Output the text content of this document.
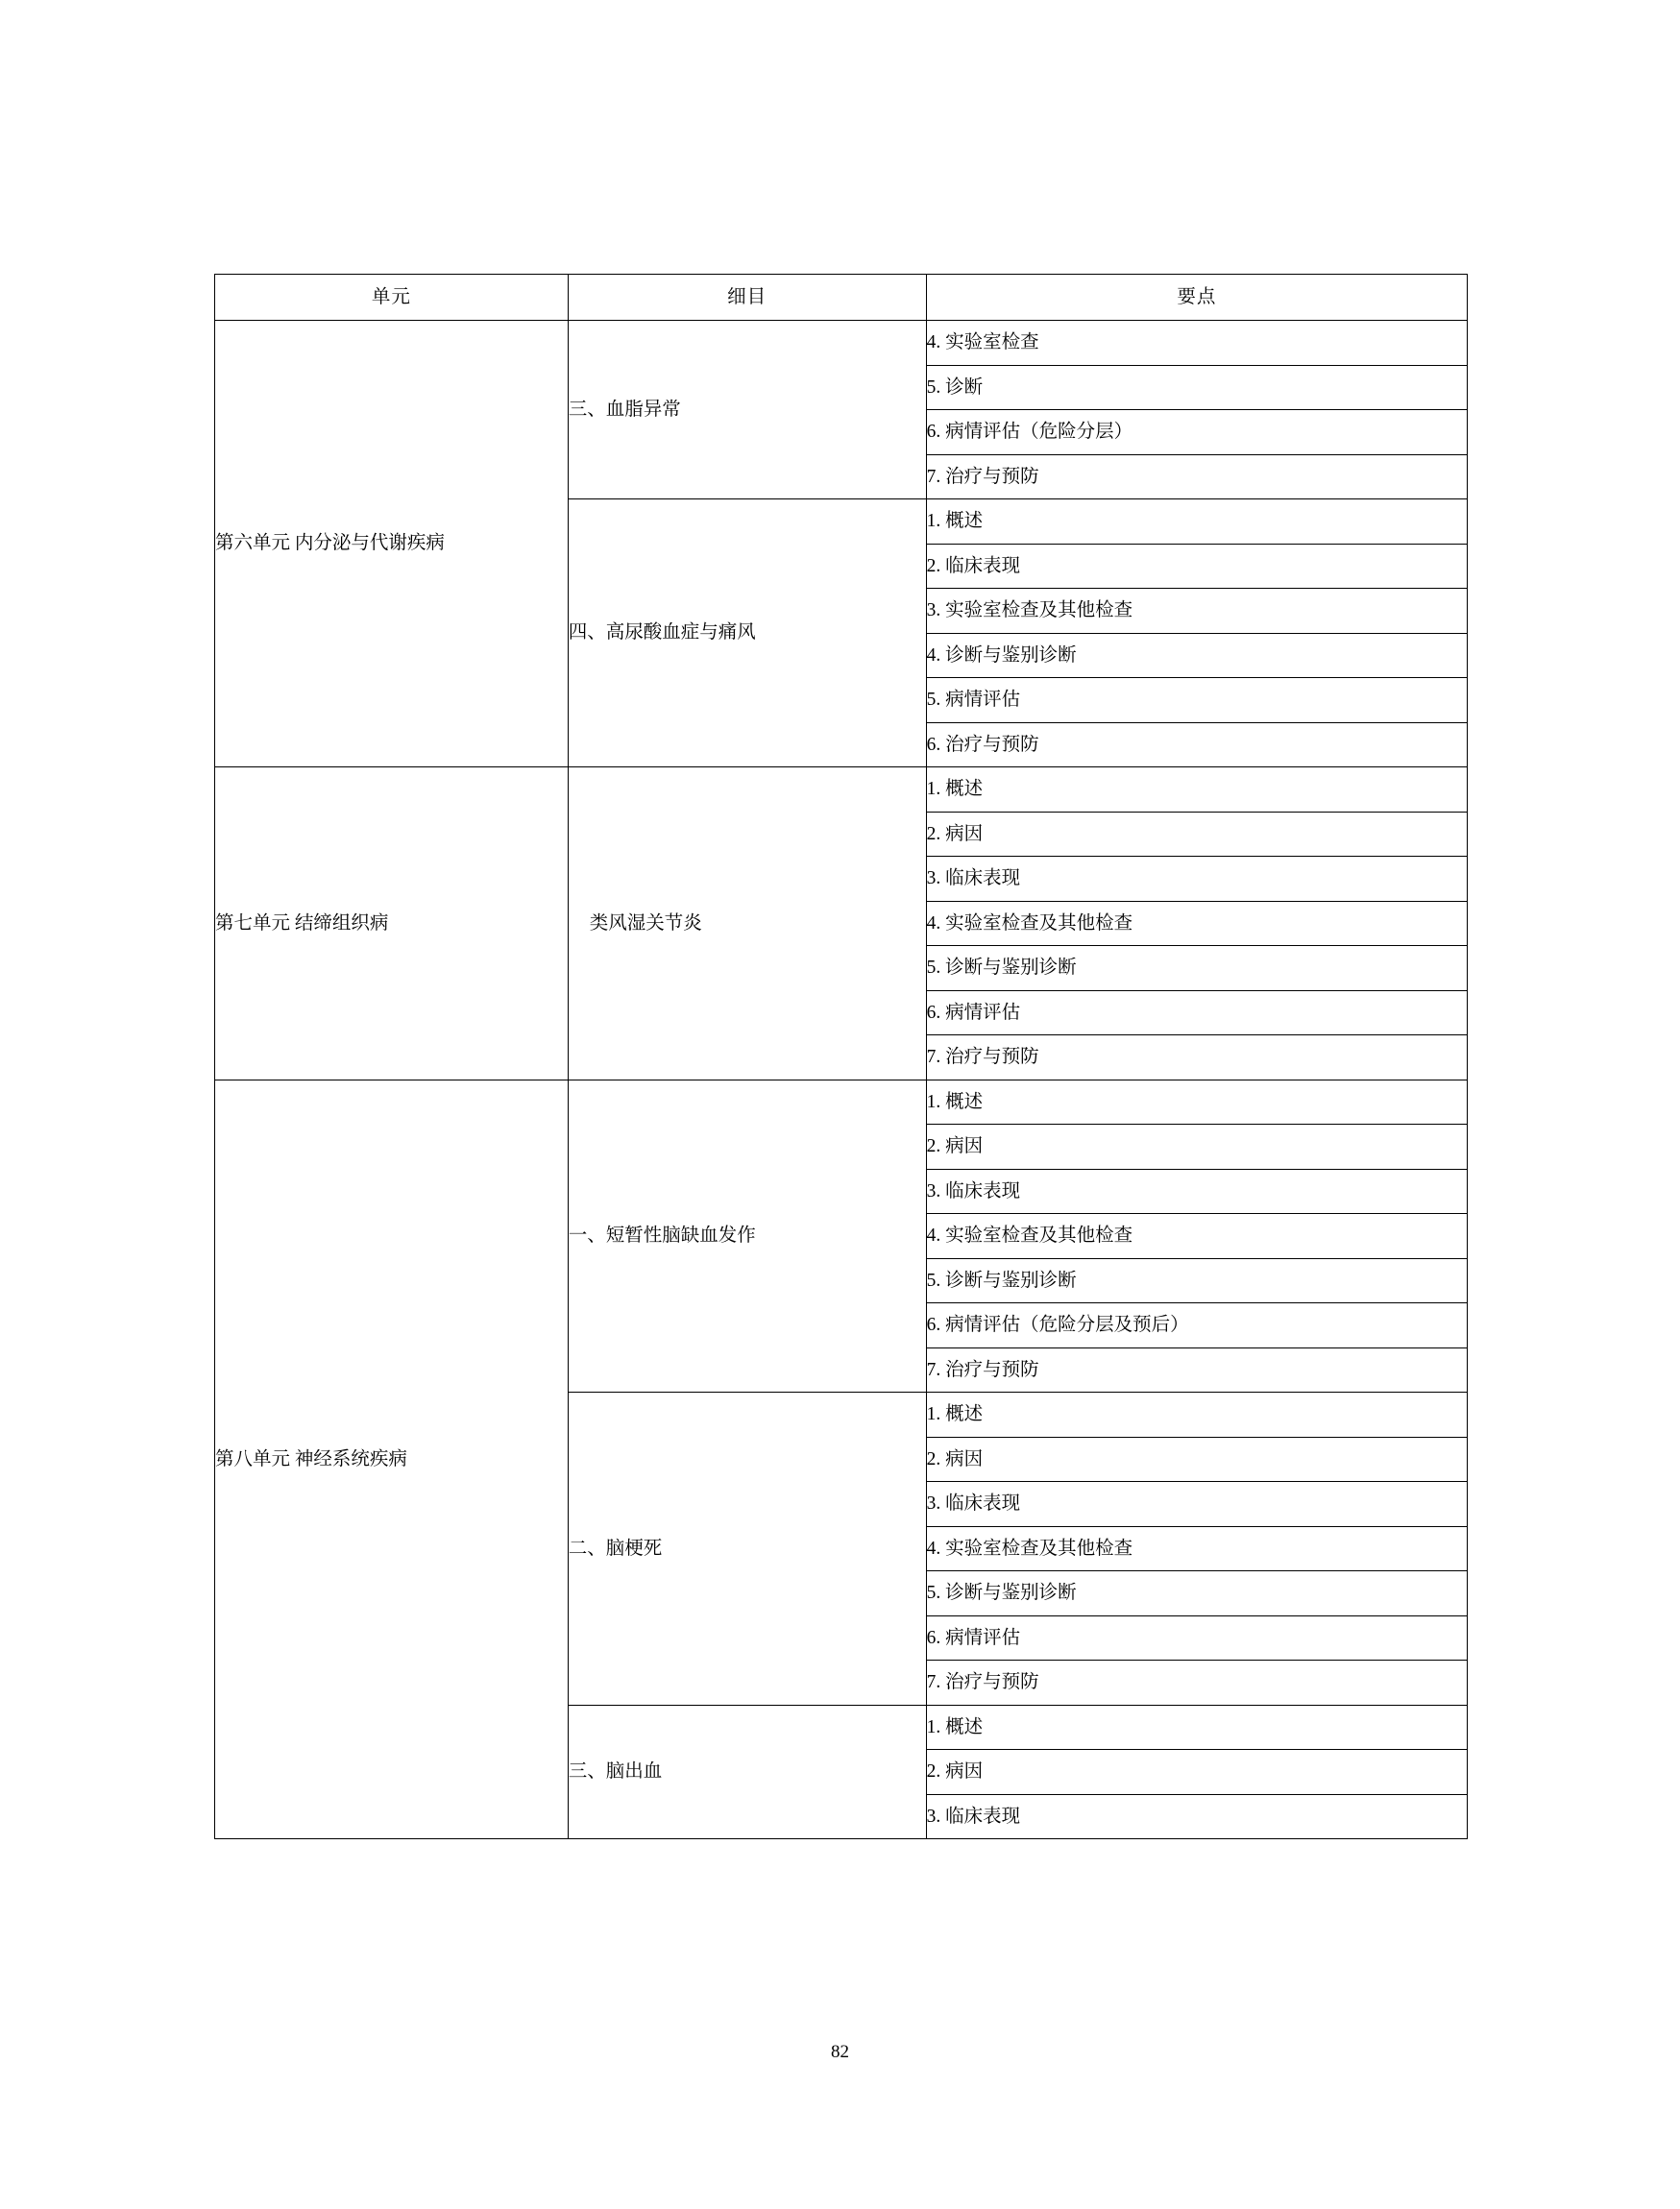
单元	细目	要点
第六单元 内分泌与代谢疾病	三、血脂异常	4. 实验室检查
		5. 诊断
		6. 病情评估（危险分层）
		7. 治疗与预防
	四、高尿酸血症与痛风	1. 概述
		2. 临床表现
		3. 实验室检查及其他检查
		4. 诊断与鉴别诊断
		5. 病情评估
		6. 治疗与预防
第七单元 结缔组织病	类风湿关节炎	1. 概述
		2. 病因
		3. 临床表现
		4. 实验室检查及其他检查
		5. 诊断与鉴别诊断
		6. 病情评估
		7. 治疗与预防
第八单元 神经系统疾病	一、短暂性脑缺血发作	1. 概述
		2. 病因
		3. 临床表现
		4. 实验室检查及其他检查
		5. 诊断与鉴别诊断
		6. 病情评估（危险分层及预后）
		7. 治疗与预防
	二、脑梗死	1. 概述
		2. 病因
		3. 临床表现
		4. 实验室检查及其他检查
		5. 诊断与鉴别诊断
		6. 病情评估
		7. 治疗与预防
	三、脑出血	1. 概述
		2. 病因
		3. 临床表现
82
